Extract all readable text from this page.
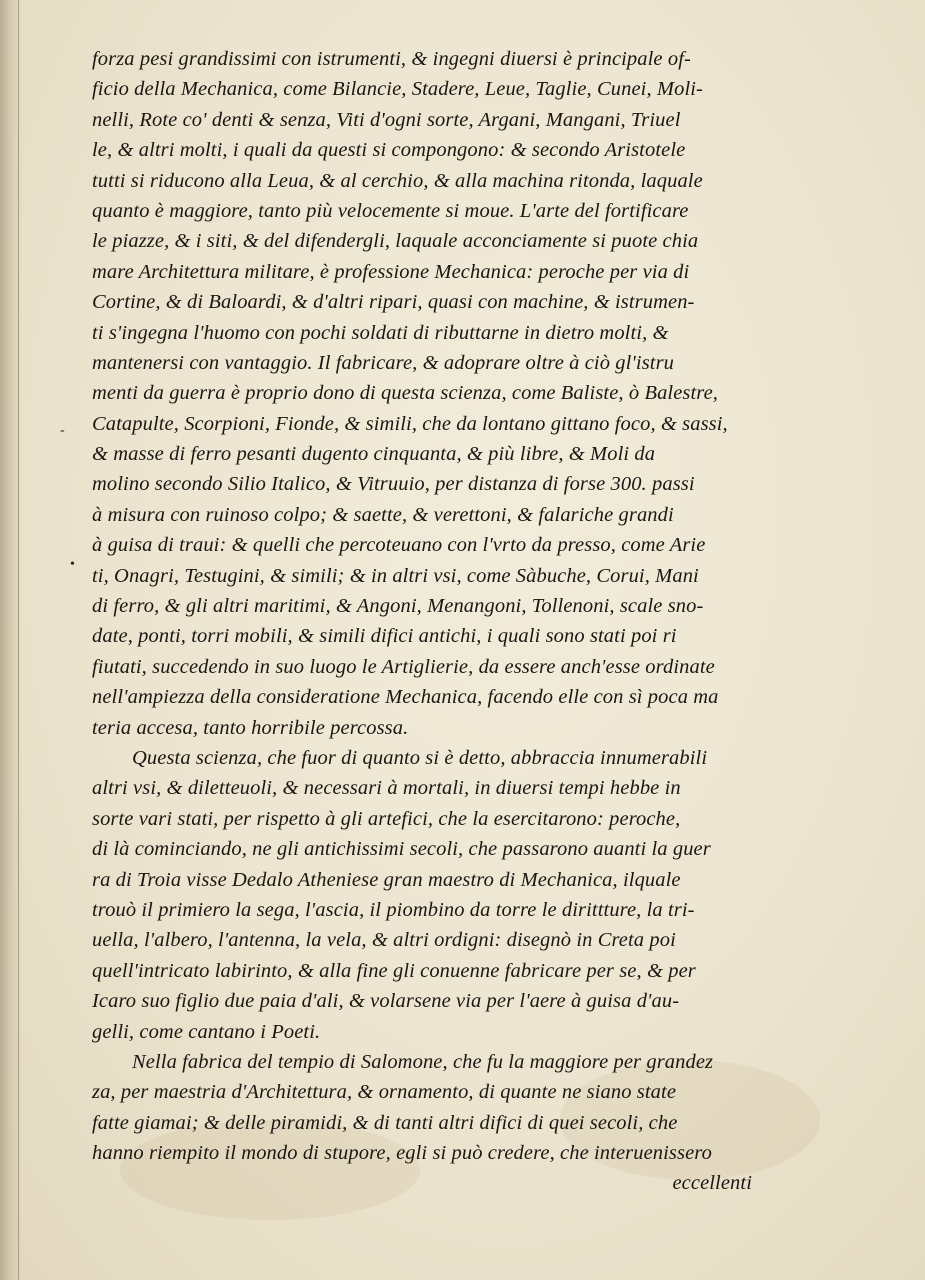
-
•
forza pesi grandissimi con istrumenti, & ingegni diuersi è principale of-
ficio della Mechanica, come Bilancie, Stadere, Leue, Taglie, Cunei, Moli-
nelli, Rote co' denti & senza, Viti d'ogni sorte, Argani, Mangani, Triuel
le, & altri molti, i quali da questi si compongono: & secondo Aristotele
tutti si riducono alla Leua, & al cerchio, & alla machina ritonda, laquale
quanto è maggiore, tanto più velocemente si moue. L'arte del fortificare
le piazze, & i siti, & del difendergli, laquale acconciamente si puote chia
mare Architettura militare, è professione Mechanica: peroche per via di
Cortine, & di Baloardi, & d'altri ripari, quasi con machine, & istrumen-
ti s'ingegna l'huomo con pochi soldati di ributtarne in dietro molti, &
mantenersi con vantaggio. Il fabricare, & adoprare oltre à ciò gl'istru
menti da guerra è proprio dono di questa scienza, come Baliste, ò Balestre,
Catapulte, Scorpioni, Fionde, & simili, che da lontano gittano foco, & sassi,
& masse di ferro pesanti dugento cinquanta, & più libre, & Moli da
molino secondo Silio Italico, & Vitruuio, per distanza di forse 300. passi
à misura con ruinoso colpo; & saette, & verettoni, & falariche grandi
à guisa di traui: & quelli che percoteuano con l'vrto da presso, come Arie
ti, Onagri, Testugini, & simili; & in altri vsi, come Sàbuche, Corui, Mani
di ferro, & gli altri maritimi, & Angoni, Menangoni, Tollenoni, scale sno-
date, ponti, torri mobili, & simili difici antichi, i quali sono stati poi ri
fiutati, succedendo in suo luogo le Artiglierie, da essere anch'esse ordinate
nell'ampiezza della consideratione Mechanica, facendo elle con sì poca ma
teria accesa, tanto horribile percossa.
Questa scienza, che fuor di quanto si è detto, abbraccia innumerabili
altri vsi, & diletteuoli, & necessari à mortali, in diuersi tempi hebbe in
sorte vari stati, per rispetto à gli artefici, che la esercitarono: peroche,
di là cominciando, ne gli antichissimi secoli, che passarono auanti la guer
ra di Troia visse Dedalo Atheniese gran maestro di Mechanica, ilquale
trouò il primiero la sega, l'ascia, il piombino da torre le dirittture, la tri-
uella, l'albero, l'antenna, la vela, & altri ordigni: disegnò in Creta poi
quell'intricato labirinto, & alla fine gli conuenne fabricare per se, & per
Icaro suo figlio due paia d'ali, & volarsene via per l'aere à guisa d'au-
gelli, come cantano i Poeti.
Nella fabrica del tempio di Salomone, che fu la maggiore per grandez
za, per maestria d'Architettura, & ornamento, di quante ne siano state
fatte giamai; & delle piramidi, & di tanti altri difici di quei secoli, che
hanno riempito il mondo di stupore, egli si può credere, che interuenissero
eccellenti
